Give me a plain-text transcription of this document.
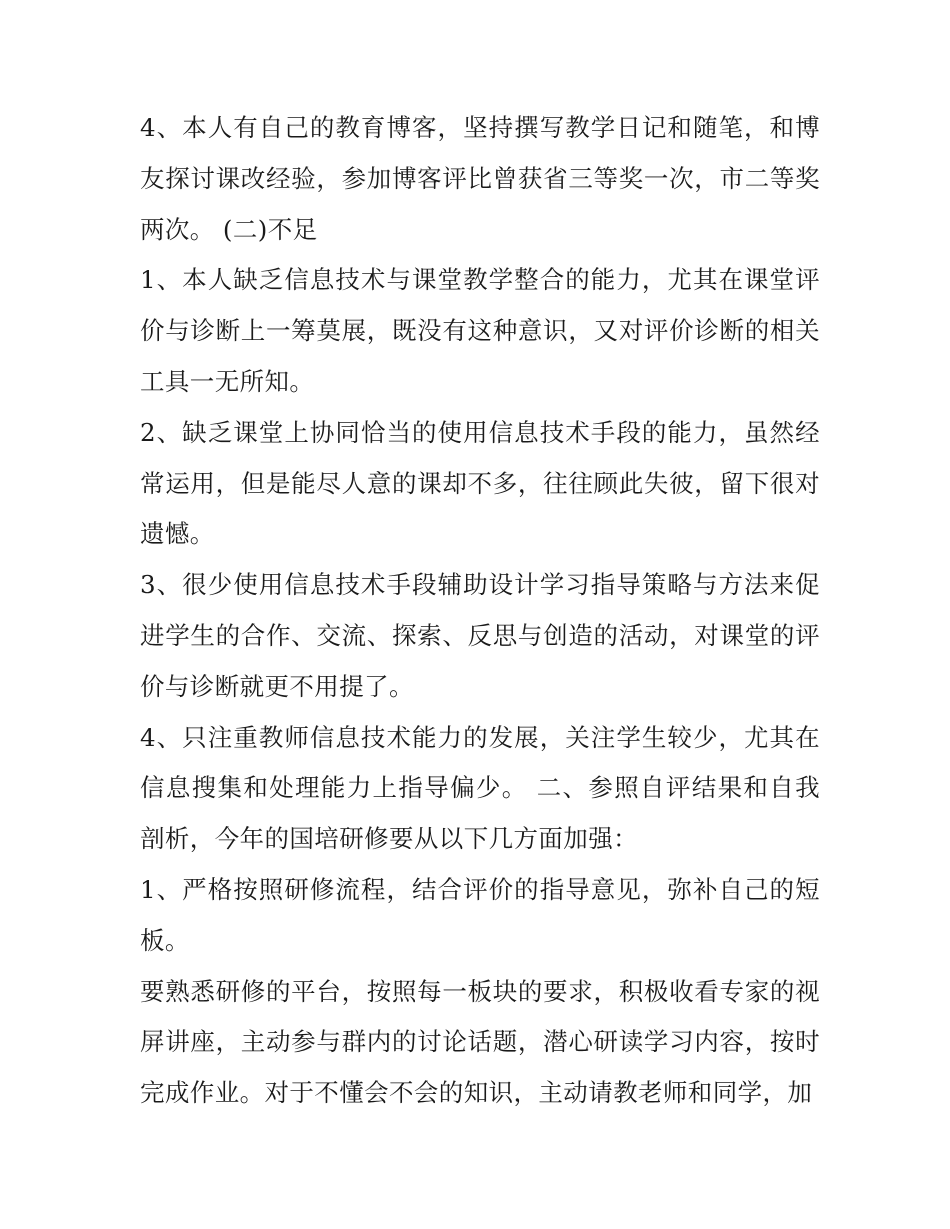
4、本人有自己的教育博客，坚持撰写教学日记和随笔，和博友探讨课改经验，参加博客评比曾获省三等奖一次，市二等奖两次。 (二)不足

1、本人缺乏信息技术与课堂教学整合的能力，尤其在课堂评价与诊断上一筹莫展，既没有这种意识，又对评价诊断的相关工具一无所知。

2、缺乏课堂上协同恰当的使用信息技术手段的能力，虽然经常运用，但是能尽人意的课却不多，往往顾此失彼，留下很对遗憾。

3、很少使用信息技术手段辅助设计学习指导策略与方法来促进学生的合作、交流、探索、反思与创造的活动，对课堂的评价与诊断就更不用提了。

4、只注重教师信息技术能力的发展，关注学生较少，尤其在信息搜集和处理能力上指导偏少。 二、参照自评结果和自我剖析，今年的国培研修要从以下几方面加强：

1、严格按照研修流程，结合评价的指导意见，弥补自己的短板。

要熟悉研修的平台，按照每一板块的要求，积极收看专家的视屏讲座，主动参与群内的讨论话题，潜心研读学习内容，按时完成作业。对于不懂会不会的知识，主动请教老师和同学，加
